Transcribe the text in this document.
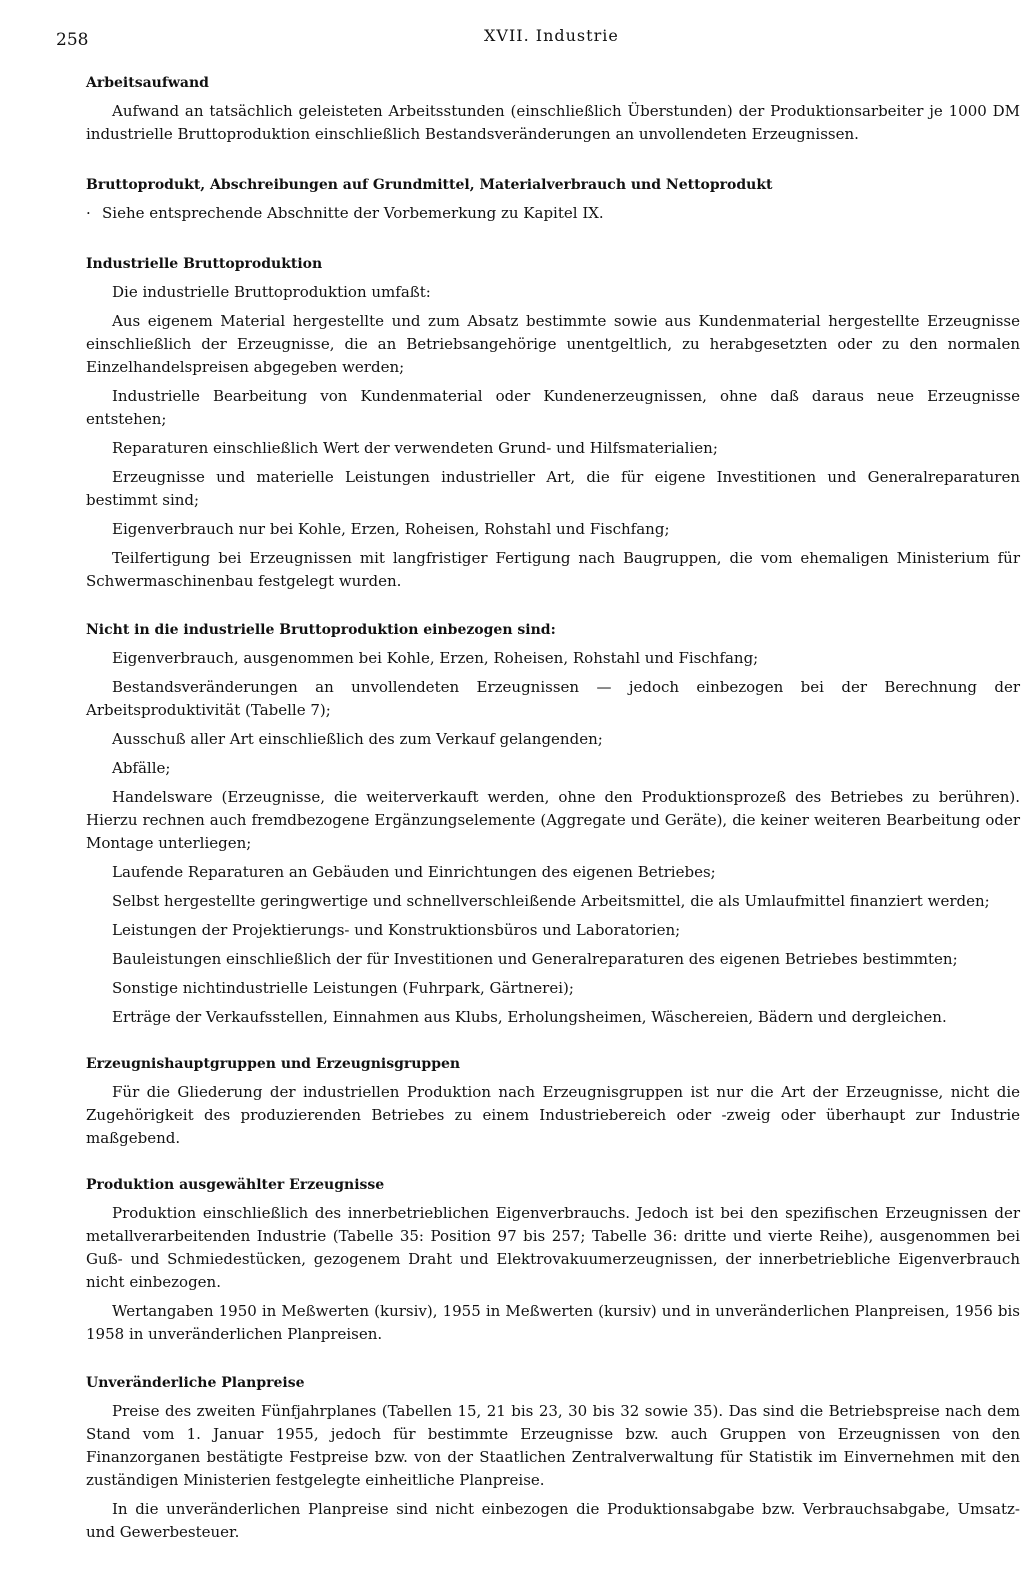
258	XVII. Industrie
Arbeitsaufwand

Aufwand an tatsächlich geleisteten Arbeitsstunden (einschließlich Überstunden) der Produktionsarbeiter je 1000 DM industrielle Bruttoproduktion einschließlich Bestandsveränderungen an unvollendeten Erzeugnissen.

Bruttoprodukt, Abschreibungen auf Grundmittel, Materialverbrauch und Nettoprodukt

· Siehe entsprechende Abschnitte der Vorbemerkung zu Kapitel IX.

Industrielle Bruttoproduktion

Die industrielle Bruttoproduktion umfaßt:

Aus eigenem Material hergestellte und zum Absatz bestimmte sowie aus Kundenmaterial hergestellte Erzeugnisse einschließlich der Erzeugnisse, die an Betriebsangehörige unentgeltlich, zu herabgesetzten oder zu den normalen Einzelhandelspreisen abgegeben werden;

Industrielle Bearbeitung von Kundenmaterial oder Kundenerzeugnissen, ohne daß daraus neue Erzeugnisse entstehen;

Reparaturen einschließlich Wert der verwendeten Grund- und Hilfsmaterialien;

Erzeugnisse und materielle Leistungen industrieller Art, die für eigene Investitionen und Generalreparaturen bestimmt sind;

Eigenverbrauch nur bei Kohle, Erzen, Roheisen, Rohstahl und Fischfang;

Teilfertigung bei Erzeugnissen mit langfristiger Fertigung nach Baugruppen, die vom ehemaligen Ministerium für Schwermaschinenbau festgelegt wurden.

Nicht in die industrielle Bruttoproduktion einbezogen sind:

Eigenverbrauch, ausgenommen bei Kohle, Erzen, Roheisen, Rohstahl und Fischfang;

Bestandsveränderungen an unvollendeten Erzeugnissen — jedoch einbezogen bei der Berechnung der Arbeitsproduktivität (Tabelle 7);

Ausschuß aller Art einschließlich des zum Verkauf gelangenden;

Abfälle;

Handelsware (Erzeugnisse, die weiterverkauft werden, ohne den Produktionsprozeß des Betriebes zu berühren). Hierzu rechnen auch fremdbezogene Ergänzungselemente (Aggregate und Geräte), die keiner weiteren Bearbeitung oder Montage unterliegen;

Laufende Reparaturen an Gebäuden und Einrichtungen des eigenen Betriebes;

Selbst hergestellte geringwertige und schnellverschleißende Arbeitsmittel, die als Umlaufmittel finanziert werden;

Leistungen der Projektierungs- und Konstruktionsbüros und Laboratorien;

Bauleistungen einschließlich der für Investitionen und Generalreparaturen des eigenen Betriebes bestimmten;

Sonstige nichtindustrielle Leistungen (Fuhrpark, Gärtnerei);

Erträge der Verkaufsstellen, Einnahmen aus Klubs, Erholungsheimen, Wäschereien, Bädern und dergleichen.

Erzeugnishauptgruppen und Erzeugnisgruppen

Für die Gliederung der industriellen Produktion nach Erzeugnisgruppen ist nur die Art der Erzeugnisse, nicht die Zugehörigkeit des produzierenden Betriebes zu einem Industriebereich oder -zweig oder überhaupt zur Industrie maßgebend.

Produktion ausgewählter Erzeugnisse

Produktion einschließlich des innerbetrieblichen Eigenverbrauchs. Jedoch ist bei den spezifischen Erzeugnissen der metallverarbeitenden Industrie (Tabelle 35: Position 97 bis 257; Tabelle 36: dritte und vierte Reihe), ausgenommen bei Guß- und Schmiedestücken, gezogenem Draht und Elektrovakuumerzeugnissen, der innerbetriebliche Eigenverbrauch nicht einbezogen.

Wertangaben 1950 in Meßwerten (kursiv), 1955 in Meßwerten (kursiv) und in unveränderlichen Planpreisen, 1956 bis 1958 in unveränderlichen Planpreisen.

Unveränderliche Planpreise

Preise des zweiten Fünfjahrplanes (Tabellen 15, 21 bis 23, 30 bis 32 sowie 35). Das sind die Betriebspreise nach dem Stand vom 1. Januar 1955, jedoch für bestimmte Erzeugnisse bzw. auch Gruppen von Erzeugnissen von den Finanzorganen bestätigte Festpreise bzw. von der Staatlichen Zentralverwaltung für Statistik im Einvernehmen mit den zuständigen Ministerien festgelegte einheitliche Planpreise.

In die unveränderlichen Planpreise sind nicht einbezogen die Produktionsabgabe bzw. Verbrauchsabgabe, Umsatz- und Gewerbesteuer.
